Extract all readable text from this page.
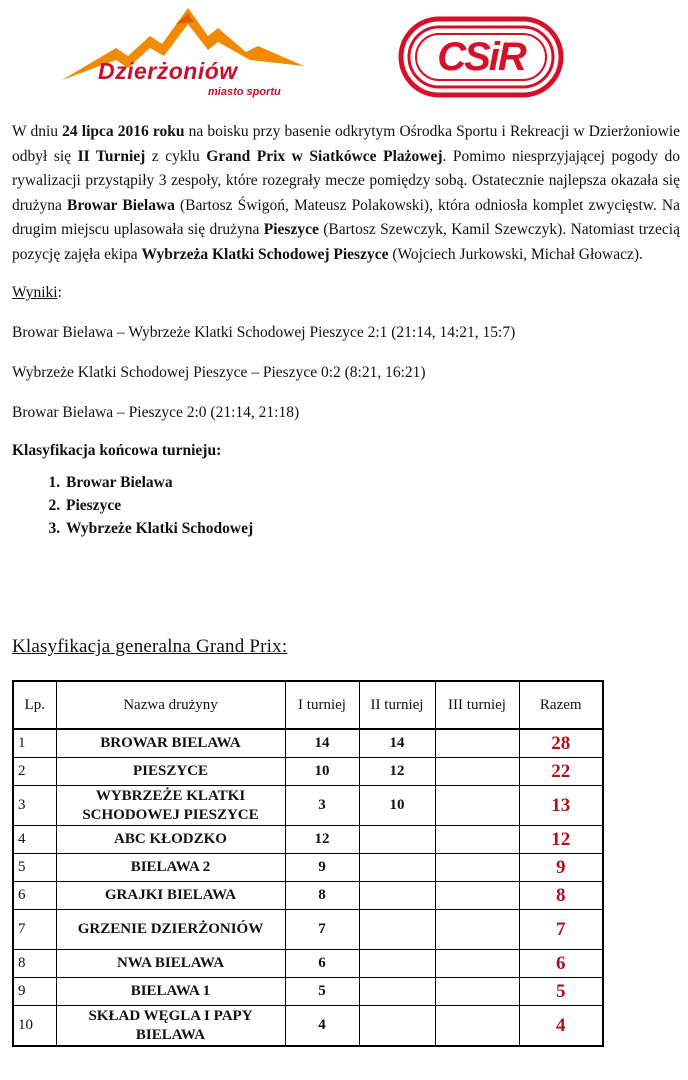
Dzierżoniów
miasto sportu
CSiR

W dniu 24 lipca 2016 roku na boisku przy basenie odkrytym Ośrodka Sportu i Rekreacji w Dzierżoniowie odbył się II Turniej z cyklu Grand Prix w Siatkówce Plażowej. Pomimo niesprzyjającej pogody do rywalizacji przystąpiły 3 zespoły, które rozegrały mecze pomiędzy sobą. Ostatecznie najlepsza okazała się drużyna Browar Bielawa (Bartosz Świgoń, Mateusz Polakowski), która odniosła komplet zwycięstw. Na drugim miejscu uplasowała się drużyna Pieszyce (Bartosz Szewczyk, Kamil Szewczyk). Natomiast trzecią pozycję zajęła ekipa Wybrzeża Klatki Schodowej Pieszyce (Wojciech Jurkowski, Michał Głowacz).

Wyniki:

Browar Bielawa – Wybrzeże Klatki Schodowej Pieszyce 2:1 (21:14, 14:21, 15:7)

Wybrzeże Klatki Schodowej Pieszyce – Pieszyce 0:2 (8:21, 16:21)

Browar Bielawa – Pieszyce 2:0 (21:14, 21:18)

Klasyfikacja końcowa turnieju:

1. Browar Bielawa
2. Pieszyce
3. Wybrzeże Klatki Schodowej
Klasyfikacja generalna Grand Prix:
Lp.	Nazwa drużyny	I turniej	II turniej	III turniej	Razem
1	BROWAR BIELAWA	14	14		28
2	PIESZYCE	10	12		22
3	WYBRZEŻE KLATKI SCHODOWEJ PIESZYCE	3	10		13
4	ABC KŁODZKO	12			12
5	BIELAWA 2	9			9
6	GRAJKI BIELAWA	8			8
7	GRZENIE DZIERŻONIÓW	7			7
8	NWA BIELAWA	6			6
9	BIELAWA 1	5			5
10	SKŁAD WĘGLA I PAPY BIELAWA	4			4
